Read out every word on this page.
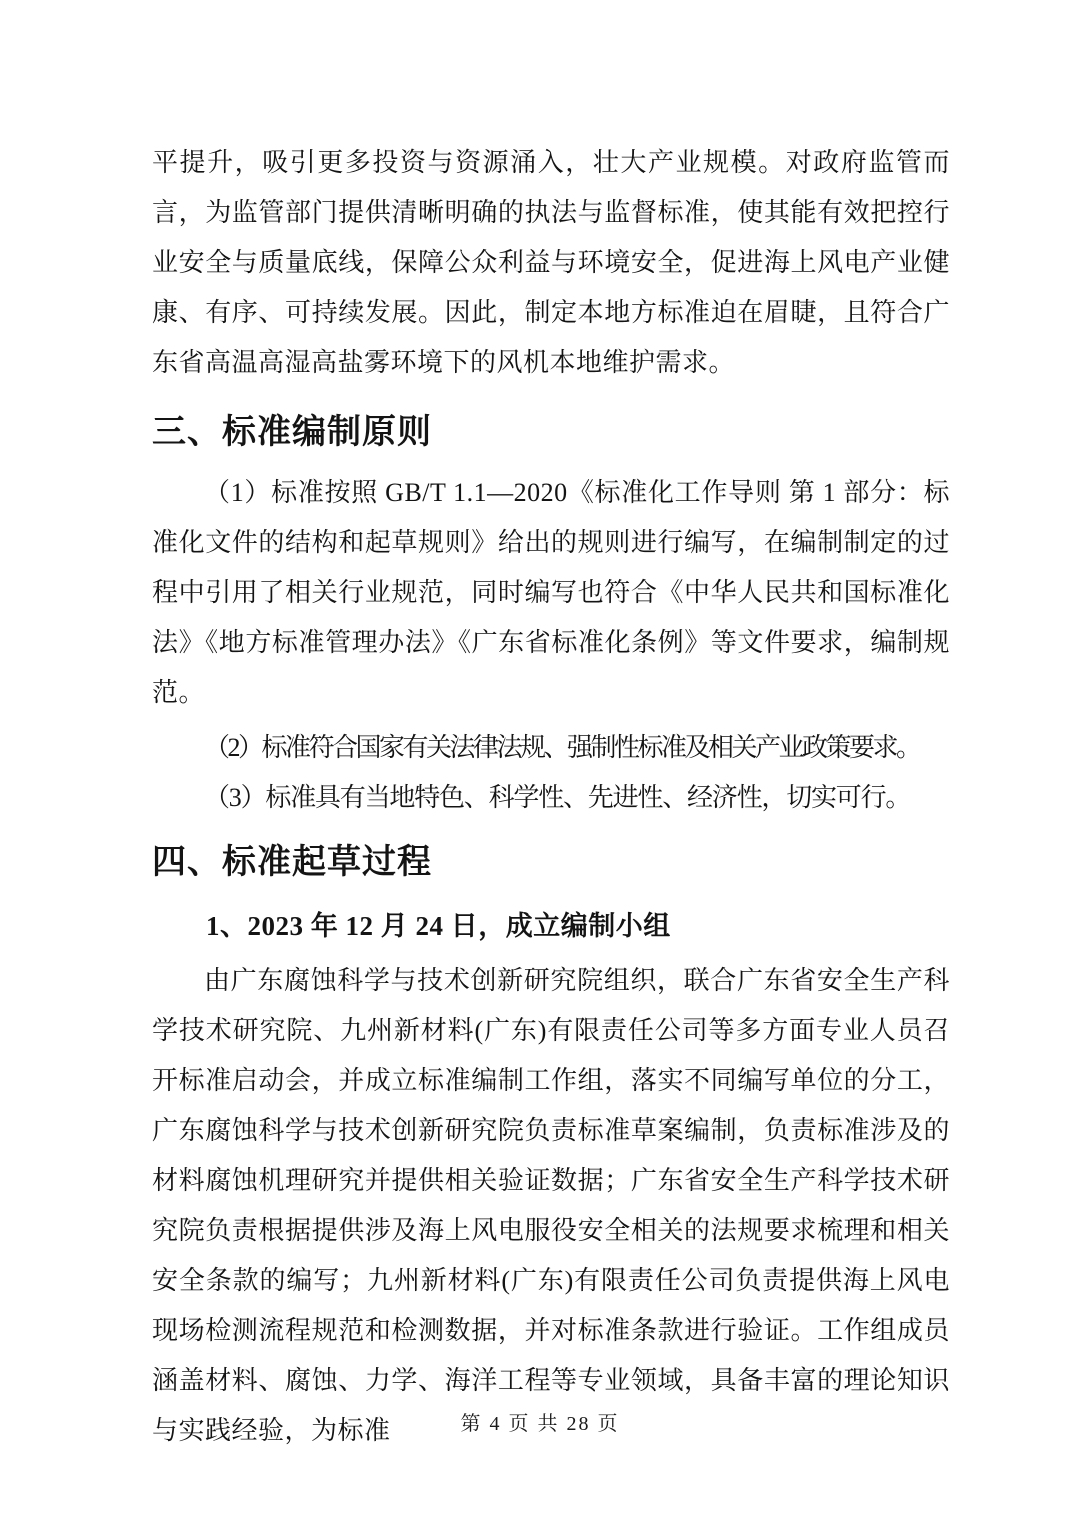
平提升，吸引更多投资与资源涌入，壮大产业规模。对政府监管而言，为监管部门提供清晰明确的执法与监督标准，使其能有效把控行业安全与质量底线，保障公众利益与环境安全，促进海上风电产业健康、有序、可持续发展。因此，制定本地方标准迫在眉睫，且符合广东省高温高湿高盐雾环境下的风机本地维护需求。
三、标准编制原则
（1）标准按照 GB/T 1.1—2020《标准化工作导则 第 1 部分：标准化文件的结构和起草规则》给出的规则进行编写，在编制制定的过程中引用了相关行业规范，同时编写也符合《中华人民共和国标准化法》《地方标准管理办法》《广东省标准化条例》等文件要求，编制规范。
（2）标准符合国家有关法律法规、强制性标准及相关产业政策要求。
（3）标准具有当地特色、科学性、先进性、经济性，切实可行。
四、标准起草过程
1、2023 年 12 月 24 日，成立编制小组
由广东腐蚀科学与技术创新研究院组织，联合广东省安全生产科学技术研究院、九州新材料(广东)有限责任公司等多方面专业人员召开标准启动会，并成立标准编制工作组，落实不同编写单位的分工，广东腐蚀科学与技术创新研究院负责标准草案编制，负责标准涉及的材料腐蚀机理研究并提供相关验证数据；广东省安全生产科学技术研究院负责根据提供涉及海上风电服役安全相关的法规要求梳理和相关安全条款的编写；九州新材料(广东)有限责任公司负责提供海上风电现场检测流程规范和检测数据，并对标准条款进行验证。工作组成员涵盖材料、腐蚀、力学、海洋工程等专业领域，具备丰富的理论知识与实践经验，为标准	第 4 页 共 28 页
